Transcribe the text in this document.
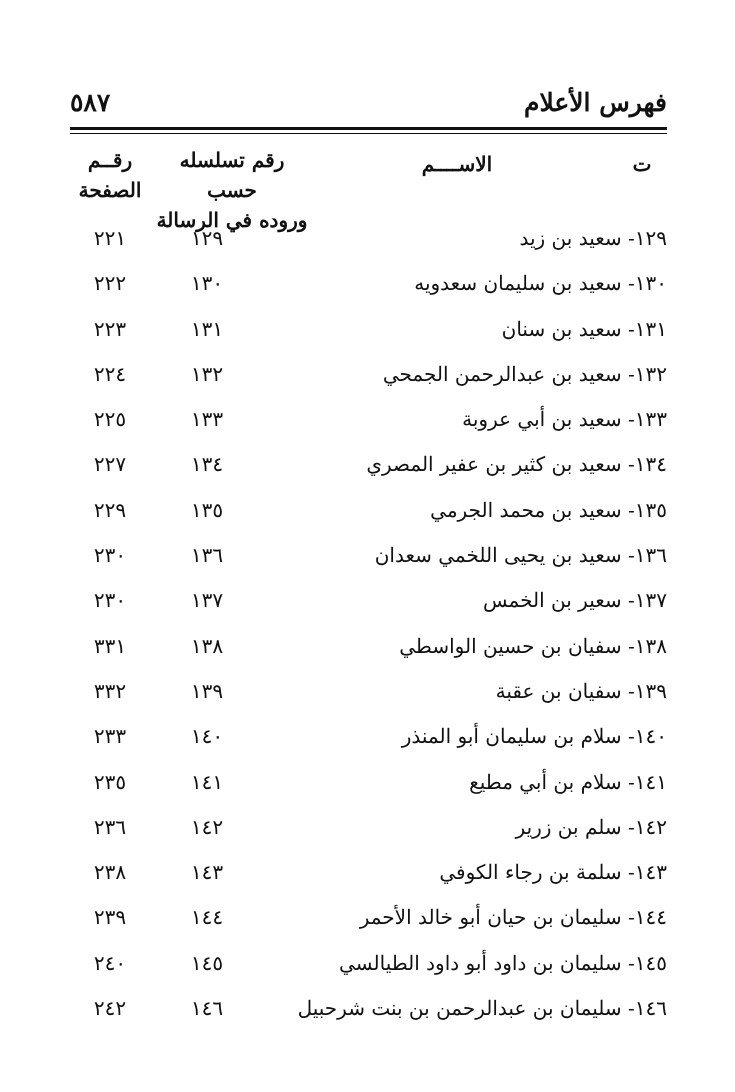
فهرس الأعلام
٥٨٧
ت
الاســــم
رقم تسلسله حسب
وروده في الرسالة
رقــم
الصفحة
١٢٩- سعيد بن زيد
١٢٩
٢٢١
١٣٠- سعيد بن سليمان سعدويه
١٣٠
٢٢٢
١٣١- سعيد بن سنان
١٣١
٢٢٣
١٣٢- سعيد بن عبدالرحمن الجمحي
١٣٢
٢٢٤
١٣٣- سعيد بن أبي عروبة
١٣٣
٢٢٥
١٣٤- سعيد بن كثير بن عفير المصري
١٣٤
٢٢٧
١٣٥- سعيد بن محمد الجرمي
١٣٥
٢٢٩
١٣٦- سعيد بن يحيى اللخمي سعدان
١٣٦
٢٣٠
١٣٧- سعير بن الخمس
١٣٧
٢٣٠
١٣٨- سفيان بن حسين الواسطي
١٣٨
٣٣١
١٣٩- سفيان بن عقبة
١٣٩
٣٣٢
١٤٠- سلام بن سليمان أبو المنذر
١٤٠
٢٣٣
١٤١- سلام بن أبي مطيع
١٤١
٢٣٥
١٤٢- سلم بن زرير
١٤٢
٢٣٦
١٤٣- سلمة بن رجاء الكوفي
١٤٣
٢٣٨
١٤٤- سليمان بن حيان أبو خالد الأحمر
١٤٤
٢٣٩
١٤٥- سليمان بن داود أبو داود الطيالسي
١٤٥
٢٤٠
١٤٦- سليمان بن عبدالرحمن بن بنت شرحبيل
١٤٦
٢٤٢
